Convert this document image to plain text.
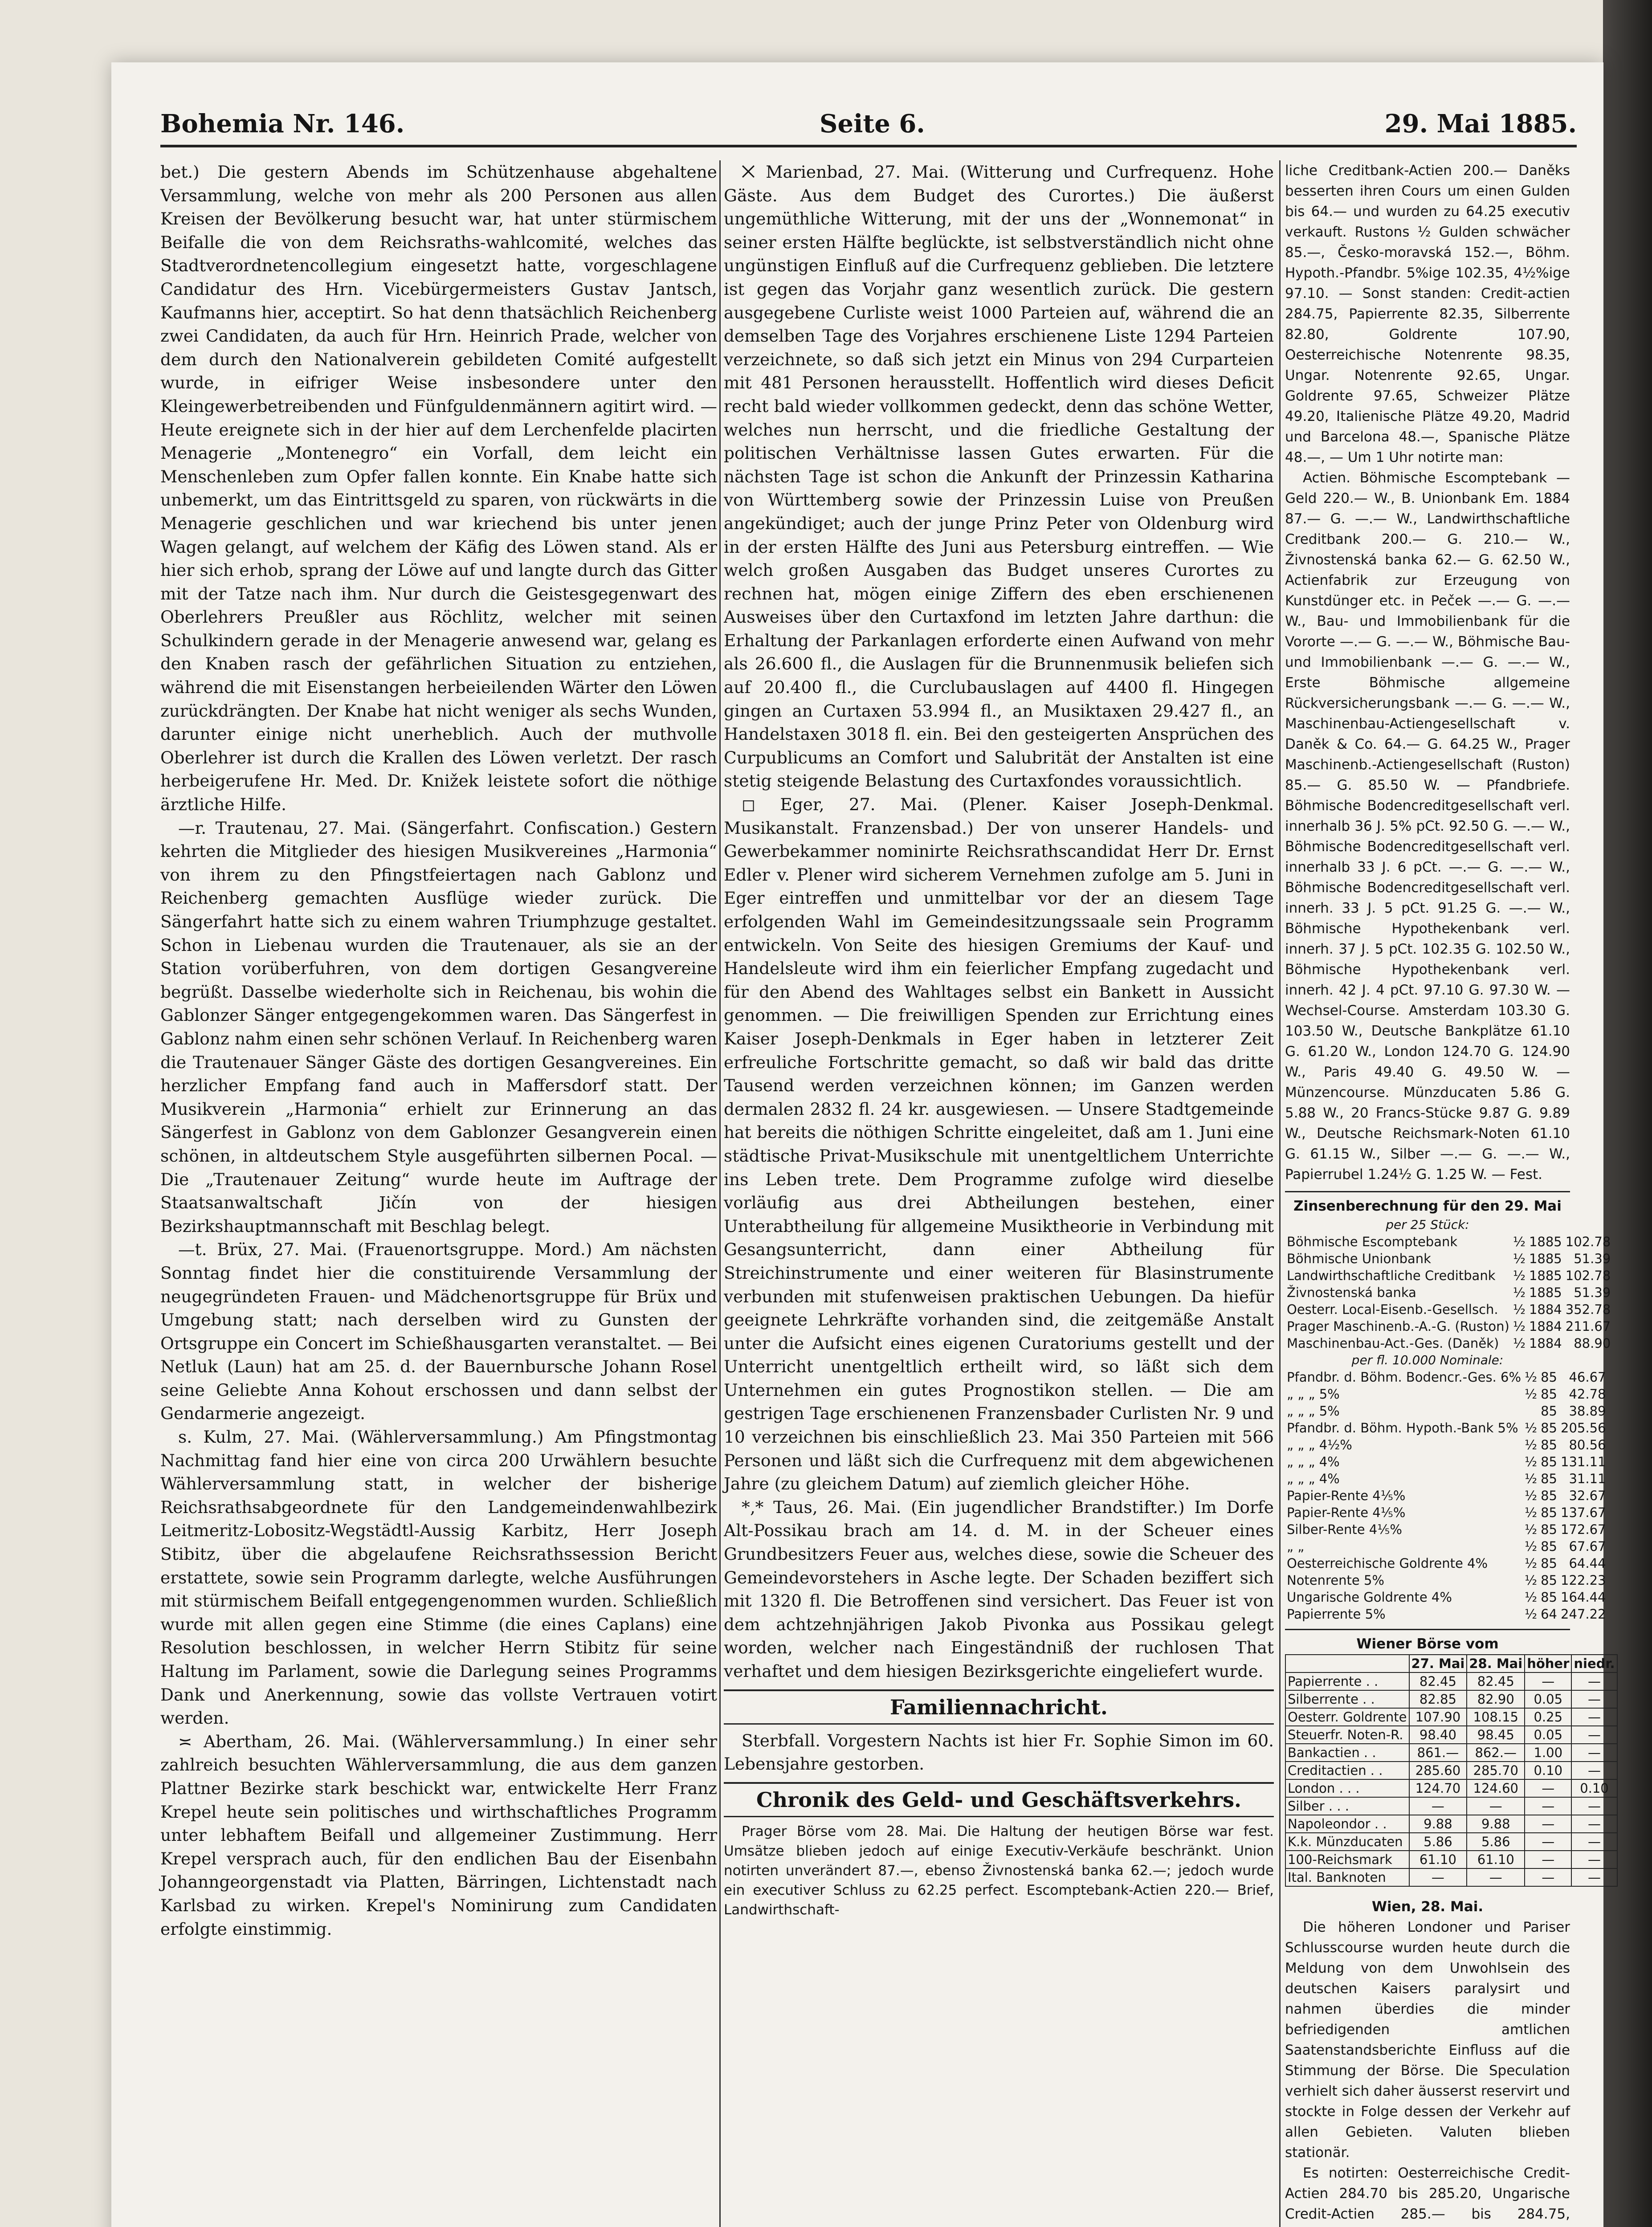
Bohemia Nr. 146.	Seite 6.	29. Mai 1885.

bet.) Die gestern Abends im Schützenhause abgehaltene Versammlung, welche von mehr als 200 Personen aus allen Kreisen der Bevölkerung besucht war, hat unter stürmischem Beifalle die von dem Reichsraths-wahlcomité, welches das Stadtverordnetencollegium eingesetzt hatte, vorgeschlagene Candidatur des Hrn. Vicebürgermeisters Gustav Jantsch, Kaufmanns hier, acceptirt. So hat denn thatsächlich Reichenberg zwei Candidaten, da auch für Hrn. Heinrich Prade, welcher von dem durch den Nationalverein gebildeten Comité aufgestellt wurde, in eifriger Weise insbesondere unter den Kleingewerbetreibenden und Fünfguldenmännern agitirt wird. — Heute ereignete sich in der hier auf dem Lerchenfelde placirten Menagerie „Montenegro“ ein Vorfall, dem leicht ein Menschenleben zum Opfer fallen konnte. Ein Knabe hatte sich unbemerkt, um das Eintrittsgeld zu sparen, von rückwärts in die Menagerie geschlichen und war kriechend bis unter jenen Wagen gelangt, auf welchem der Käfig des Löwen stand. Als er hier sich erhob, sprang der Löwe auf und langte durch das Gitter mit der Tatze nach ihm. Nur durch die Geistesgegenwart des Oberlehrers Preußler aus Röchlitz, welcher mit seinen Schulkindern gerade in der Menagerie anwesend war, gelang es den Knaben rasch der gefährlichen Situation zu entziehen, während die mit Eisenstangen herbeieilenden Wärter den Löwen zurückdrängten. Der Knabe hat nicht weniger als sechs Wunden, darunter einige nicht unerheblich. Auch der muthvolle Oberlehrer ist durch die Krallen des Löwen verletzt. Der rasch herbeigerufene Hr. Med. Dr. Knižek leistete sofort die nöthige ärztliche Hilfe.

—r. Trautenau, 27. Mai. (Sängerfahrt. Confiscation.) Gestern kehrten die Mitglieder des hiesigen Musikvereines „Harmonia“ von ihrem zu den Pfingstfeiertagen nach Gablonz und Reichenberg gemachten Ausflüge wieder zurück. Die Sängerfahrt hatte sich zu einem wahren Triumphzuge gestaltet. Schon in Liebenau wurden die Trautenauer, als sie an der Station vorüberfuhren, von dem dortigen Gesangvereine begrüßt. Dasselbe wiederholte sich in Reichenau, bis wohin die Gablonzer Sänger entgegengekommen waren. Das Sängerfest in Gablonz nahm einen sehr schönen Verlauf. In Reichenberg waren die Trautenauer Sänger Gäste des dortigen Gesangvereines. Ein herzlicher Empfang fand auch in Maffersdorf statt. Der Musikverein „Harmonia“ erhielt zur Erinnerung an das Sängerfest in Gablonz von dem Gablonzer Gesangverein einen schönen, in altdeutschem Style ausgeführten silbernen Pocal. — Die „Trautenauer Zeitung“ wurde heute im Auftrage der Staatsanwaltschaft Jičín von der hiesigen Bezirkshauptmannschaft mit Beschlag belegt.

—t. Brüx, 27. Mai. (Frauenortsgruppe. Mord.) Am nächsten Sonntag findet hier die constituirende Versammlung der neugegründeten Frauen- und Mädchenortsgruppe für Brüx und Umgebung statt; nach derselben wird zu Gunsten der Ortsgruppe ein Concert im Schießhausgarten veranstaltet. — Bei Netluk (Laun) hat am 25. d. der Bauernbursche Johann Rosel seine Geliebte Anna Kohout erschossen und dann selbst der Gendarmerie angezeigt.

s. Kulm, 27. Mai. (Wählerversammlung.) Am Pfingstmontag Nachmittag fand hier eine von circa 200 Urwählern besuchte Wählerversammlung statt, in welcher der bisherige Reichsrathsabgeordnete für den Landgemeindenwahlbezirk Leitmeritz-Lobositz-Wegstädtl-Aussig Karbitz, Herr Joseph Stibitz, über die abgelaufene Reichsrathssession Bericht erstattete, sowie sein Programm darlegte, welche Ausführungen mit stürmischem Beifall entgegengenommen wurden. Schließlich wurde mit allen gegen eine Stimme (die eines Caplans) eine Resolution beschlossen, in welcher Herrn Stibitz für seine Haltung im Parlament, sowie die Darlegung seines Programms Dank und Anerkennung, sowie das vollste Vertrauen votirt werden.

≍ Abertham, 26. Mai. (Wählerversammlung.) In einer sehr zahlreich besuchten Wählerversammlung, die aus dem ganzen Plattner Bezirke stark beschickt war, entwickelte Herr Franz Krepel heute sein politisches und wirthschaftliches Programm unter lebhaftem Beifall und allgemeiner Zustimmung. Herr Krepel versprach auch, für den endlichen Bau der Eisenbahn Johanngeorgenstadt via Platten, Bärringen, Lichtenstadt nach Karlsbad zu wirken. Krepel's Nominirung zum Candidaten erfolgte einstimmig.

⨉ Marienbad, 27. Mai. (Witterung und Curfrequenz. Hohe Gäste. Aus dem Budget des Curortes.) Die äußerst ungemüthliche Witterung, mit der uns der „Wonnemonat“ in seiner ersten Hälfte beglückte, ist selbstverständlich nicht ohne ungünstigen Einfluß auf die Curfrequenz geblieben. Die letztere ist gegen das Vorjahr ganz wesentlich zurück. Die gestern ausgegebene Curliste weist 1000 Parteien auf, während die an demselben Tage des Vorjahres erschienene Liste 1294 Parteien verzeichnete, so daß sich jetzt ein Minus von 294 Curparteien mit 481 Personen herausstellt. Hoffentlich wird dieses Deficit recht bald wieder vollkommen gedeckt, denn das schöne Wetter, welches nun herrscht, und die friedliche Gestaltung der politischen Verhältnisse lassen Gutes erwarten. Für die nächsten Tage ist schon die Ankunft der Prinzessin Katharina von Württemberg sowie der Prinzessin Luise von Preußen angekündiget; auch der junge Prinz Peter von Oldenburg wird in der ersten Hälfte des Juni aus Petersburg eintreffen. — Wie welch großen Ausgaben das Budget unseres Curortes zu rechnen hat, mögen einige Ziffern des eben erschienenen Ausweises über den Curtaxfond im letzten Jahre darthun: die Erhaltung der Parkanlagen erforderte einen Aufwand von mehr als 26.600 fl., die Auslagen für die Brunnenmusik beliefen sich auf 20.400 fl., die Curclubauslagen auf 4400 fl. Hingegen gingen an Curtaxen 53.994 fl., an Musiktaxen 29.427 fl., an Handelstaxen 3018 fl. ein. Bei den gesteigerten Ansprüchen des Curpublicums an Comfort und Salubrität der Anstalten ist eine stetig steigende Belastung des Curtaxfondes voraussichtlich.

◻ Eger, 27. Mai. (Plener. Kaiser Joseph-Denkmal. Musikanstalt. Franzensbad.) Der von unserer Handels- und Gewerbekammer nominirte Reichsrathscandidat Herr Dr. Ernst Edler v. Plener wird sicherem Vernehmen zufolge am 5. Juni in Eger eintreffen und unmittelbar vor der an diesem Tage erfolgenden Wahl im Gemeindesitzungssaale sein Programm entwickeln. Von Seite des hiesigen Gremiums der Kauf- und Handelsleute wird ihm ein feierlicher Empfang zugedacht und für den Abend des Wahltages selbst ein Bankett in Aussicht genommen. — Die freiwilligen Spenden zur Errichtung eines Kaiser Joseph-Denkmals in Eger haben in letzterer Zeit erfreuliche Fortschritte gemacht, so daß wir bald das dritte Tausend werden verzeichnen können; im Ganzen werden dermalen 2832 fl. 24 kr. ausgewiesen. — Unsere Stadtgemeinde hat bereits die nöthigen Schritte eingeleitet, daß am 1. Juni eine städtische Privat-Musikschule mit unentgeltlichem Unterrichte ins Leben trete. Dem Programme zufolge wird dieselbe vorläufig aus drei Abtheilungen bestehen, einer Unterabtheilung für allgemeine Musiktheorie in Verbindung mit Gesangsunterricht, dann einer Abtheilung für Streichinstrumente und einer weiteren für Blasinstrumente verbunden mit stufenweisen praktischen Uebungen. Da hiefür geeignete Lehrkräfte vorhanden sind, die zeitgemäße Anstalt unter die Aufsicht eines eigenen Curatoriums gestellt und der Unterricht unentgeltlich ertheilt wird, so läßt sich dem Unternehmen ein gutes Prognostikon stellen. — Die am gestrigen Tage erschienenen Franzensbader Curlisten Nr. 9 und 10 verzeichnen bis einschließlich 23. Mai 350 Parteien mit 566 Personen und läßt sich die Curfrequenz mit dem abgewichenen Jahre (zu gleichem Datum) auf ziemlich gleicher Höhe.

*‚* Taus, 26. Mai. (Ein jugendlicher Brandstifter.) Im Dorfe Alt-Possikau brach am 14. d. M. in der Scheuer eines Grundbesitzers Feuer aus, welches diese, sowie die Scheuer des Gemeindevorstehers in Asche legte. Der Schaden beziffert sich mit 1320 fl. Die Betroffenen sind versichert. Das Feuer ist von dem achtzehnjährigen Jakob Pivonka aus Possikau gelegt worden, welcher nach Eingeständniß der ruchlosen That verhaftet und dem hiesigen Bezirksgerichte eingeliefert wurde.

Familiennachricht.

Sterbfall. Vorgestern Nachts ist hier Fr. Sophie Simon im 60. Lebensjahre gestorben.

Chronik des Geld- und Geschäftsverkehrs.

Prager Börse vom 28. Mai. Die Haltung der heutigen Börse war fest. Umsätze blieben jedoch auf einige Executiv-Verkäufe beschränkt. Union notirten unverändert 87.—, ebenso Živnostenská banka 62.—; jedoch wurde ein executiver Schluss zu 62.25 perfect. Escomptebank-Actien 220.— Brief, Landwirthschaft-

liche Creditbank-Actien 200.— Daněks besserten ihren Cours um einen Gulden bis 64.— und wurden zu 64.25 executiv verkauft. Rustons ½ Gulden schwächer 85.—, Česko-moravská 152.—, Böhm. Hypoth.-Pfandbr. 5%ige 102.35, 4½%ige 97.10. — Sonst standen: Credit-actien 284.75, Papierrente 82.35, Silberrente 82.80, Goldrente 107.90, Oesterreichische Notenrente 98.35, Ungar. Notenrente 92.65, Ungar. Goldrente 97.65, Schweizer Plätze 49.20, Italienische Plätze 49.20, Madrid und Barcelona 48.—, Spanische Plätze 48.—, — Um 1 Uhr notirte man:

Actien. Böhmische Escomptebank — Geld 220.— W., B. Unionbank Em. 1884 87.— G. —.— W., Landwirthschaftliche Creditbank 200.— G. 210.— W., Živnostenská banka 62.— G. 62.50 W., Actienfabrik zur Erzeugung von Kunstdünger etc. in Peček —.— G. —.— W., Bau- und Immobilienbank für die Vororte —.— G. —.— W., Böhmische Bau- und Immobilienbank —.— G. —.— W., Erste Böhmische allgemeine Rückversicherungsbank —.— G. —.— W., Maschinenbau-Actiengesellschaft v. Daněk & Co. 64.— G. 64.25 W., Prager Maschinenb.-Actiengesellschaft (Ruston) 85.— G. 85.50 W. — Pfandbriefe. Böhmische Bodencreditgesellschaft verl. innerhalb 36 J. 5% pCt. 92.50 G. —.— W., Böhmische Bodencreditgesellschaft verl. innerhalb 33 J. 6 pCt. —.— G. —.— W., Böhmische Bodencreditgesellschaft verl. innerh. 33 J. 5 pCt. 91.25 G. —.— W., Böhmische Hypothekenbank verl. innerh. 37 J. 5 pCt. 102.35 G. 102.50 W., Böhmische Hypothekenbank verl. innerh. 42 J. 4 pCt. 97.10 G. 97.30 W. — Wechsel-Course. Amsterdam 103.30 G. 103.50 W., Deutsche Bankplätze 61.10 G. 61.20 W., London 124.70 G. 124.90 W., Paris 49.40 G. 49.50 W. — Münzencourse. Münzducaten 5.86 G. 5.88 W., 20 Francs-Stücke 9.87 G. 9.89 W., Deutsche Reichsmark-Noten 61.10 G. 61.15 W., Silber —.— G. —.— W., Papierrubel 1.24½ G. 1.25 W. — Fest.

Zinsenberechnung für den 29. Mai
per 25 Stück:
Böhmische Escomptebank	½	1885	102.78
Böhmische Unionbank	½	1885	51.39
Landwirthschaftliche Creditbank	½	1885	102.78
Živnostenská banka	½	1885	51.39
Oesterr. Local-Eisenb.-Gesellsch.	½	1884	352.78
Prager Maschinenb.-A.-G. (Ruston)	½	1884	211.67
Maschinenbau-Act.-Ges. (Daněk)	½	1884	88.90
per fl. 10.000 Nominale:
Pfandbr. d. Böhm. Bodencr.-Ges. 6%	½	85	46.67
„ „ „ 5%	½	85	42.78
„ „ „ 5%		85	38.89
Pfandbr. d. Böhm. Hypoth.-Bank 5%	½	85	205.56
„ „ „ 4½%	½	85	80.56
„ „ „ 4%	½	85	131.11
„ „ „ 4%	½	85	31.11
Papier-Rente 4⅕%	½	85	32.67
Papier-Rente 4⅕%	½	85	137.67
Silber-Rente 4⅕%	½	85	172.67
„ „	½	85	67.67
Oesterreichische Goldrente 4%	½	85	64.44
Notenrente 5%	½	85	122.23
Ungarische Goldrente 4%	½	85	164.44
Papierrente 5%	½	64	247.22
Wiener Börse vom
	27. Mai	28. Mai	höher	niedr.
Papierrente . .	82.45	82.45	—	—
Silberrente . .	82.85	82.90	0.05	—
Oesterr. Goldrente	107.90	108.15	0.25	—
Steuerfr. Noten-R.	98.40	98.45	0.05	—
Bankactien . .	861.—	862.—	1.00	—
Creditactien . .	285.60	285.70	0.10	—
London . . .	124.70	124.60	—	0.10
Silber . . .	—	—	—	—
Napoleondor . .	9.88	9.88	—	—
K.k. Münzducaten	5.86	5.86	—	—
100-Reichsmark	61.10	61.10	—	—
Ital. Banknoten	—	—	—	—
Wien, 28. Mai.

Die höheren Londoner und Pariser Schlusscourse wurden heute durch die Meldung von dem Unwohlsein des deutschen Kaisers paralysirt und nahmen überdies die minder befriedigenden amtlichen Saatenstandsberichte Einfluss auf die Stimmung der Börse. Die Speculation verhielt sich daher äusserst reservirt und stockte in Folge dessen der Verkehr auf allen Gebieten. Valuten blieben stationär.

Es notirten: Oesterreichische Credit-Actien 284.70 bis 285.20, Ungarische Credit-Actien 285.— bis 284.75,
